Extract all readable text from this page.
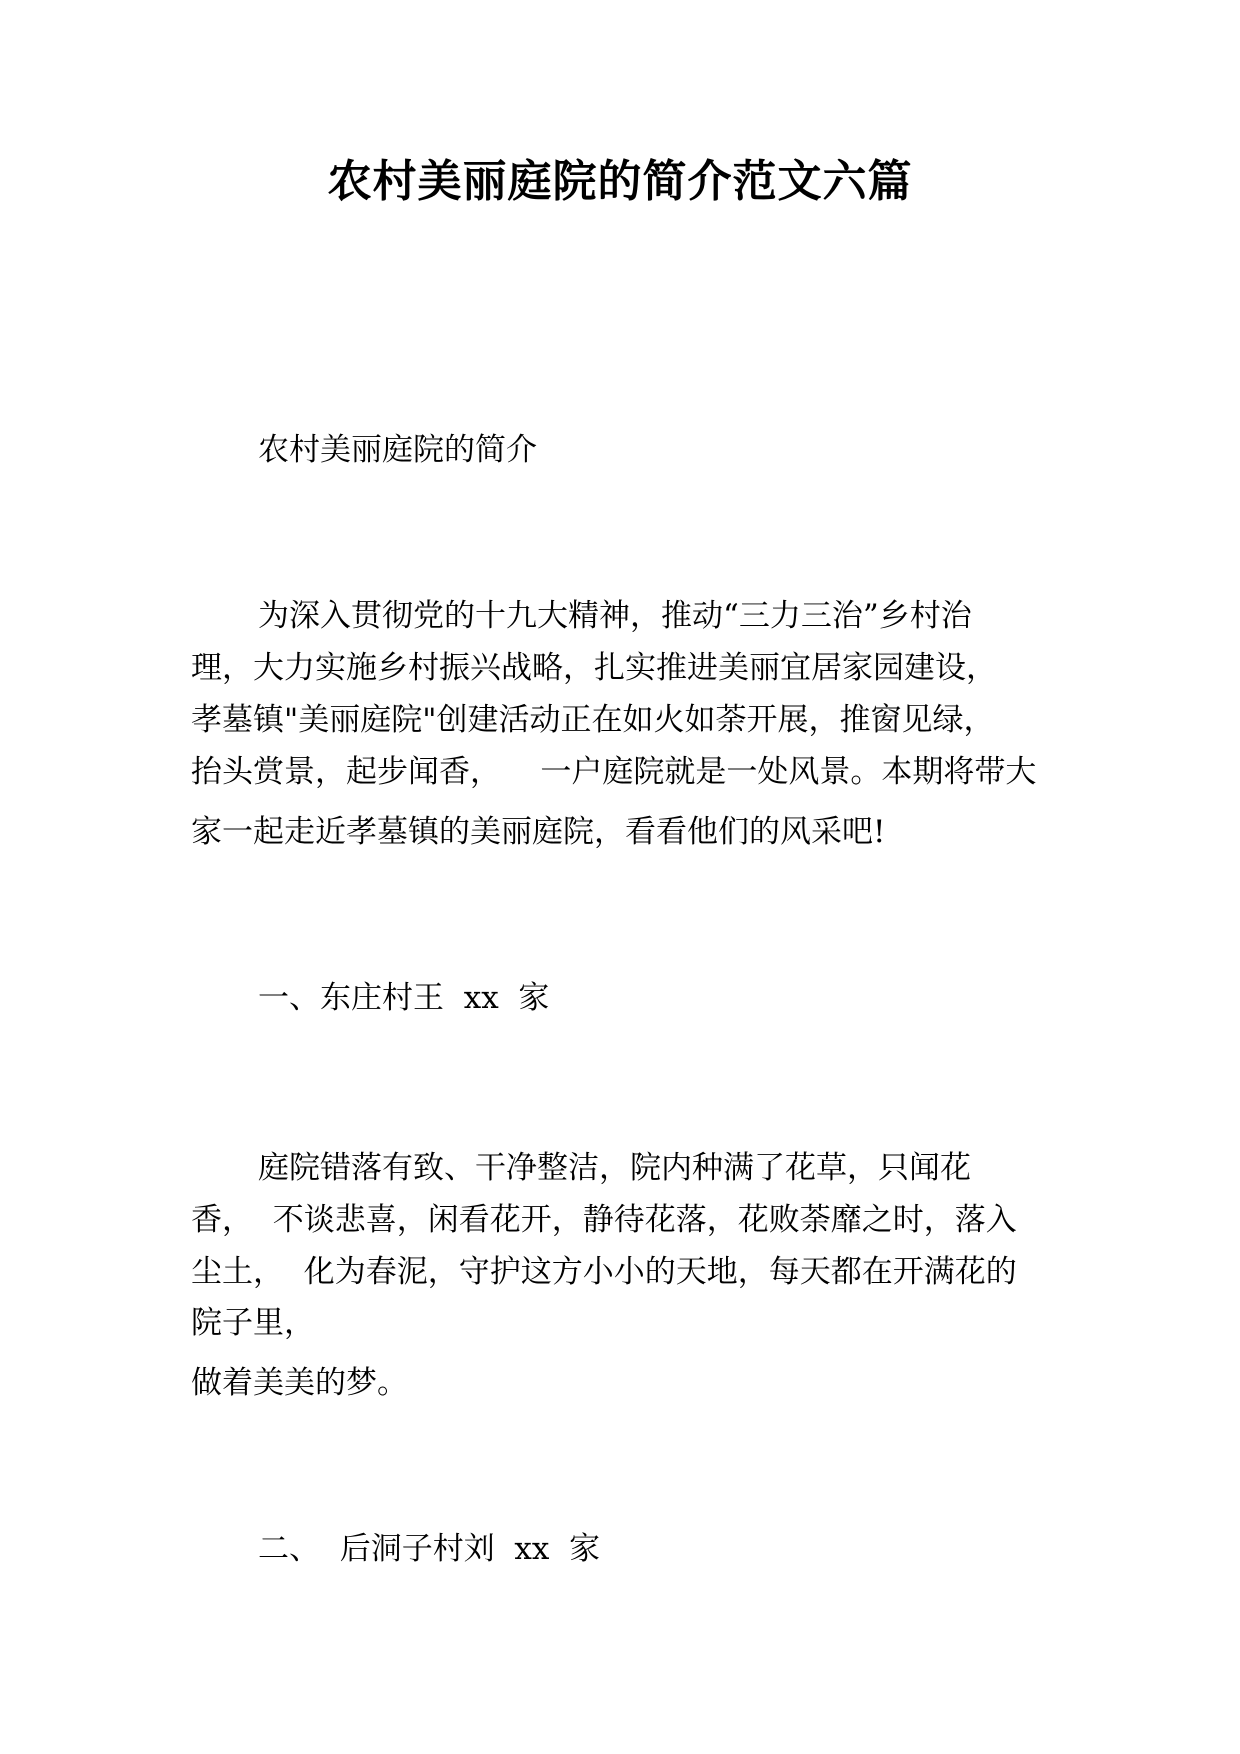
农村美丽庭院的简介范文六篇
农村美丽庭院的简介
为深入贯彻党的十九大精神，推动“三力三治”乡村治
理，大力实施乡村振兴战略，扎实推进美丽宜居家园建设，
孝墓镇"美丽庭院"创建活动正在如火如荼开展，推窗见绿，
抬头赏景，起步闻香，    一户庭院就是一处风景。本期将带大
家一起走近孝墓镇的美丽庭院，看看他们的风采吧!
一、东庄村王  xx  家
庭院错落有致、干净整洁，院内种满了花草，只闻花
香，  不谈悲喜，闲看花开，静待花落，花败荼靡之时，落入
尘土，  化为春泥，守护这方小小的天地，每天都在开满花的
院子里，
做着美美的梦。
二、  后洞子村刘  xx  家
